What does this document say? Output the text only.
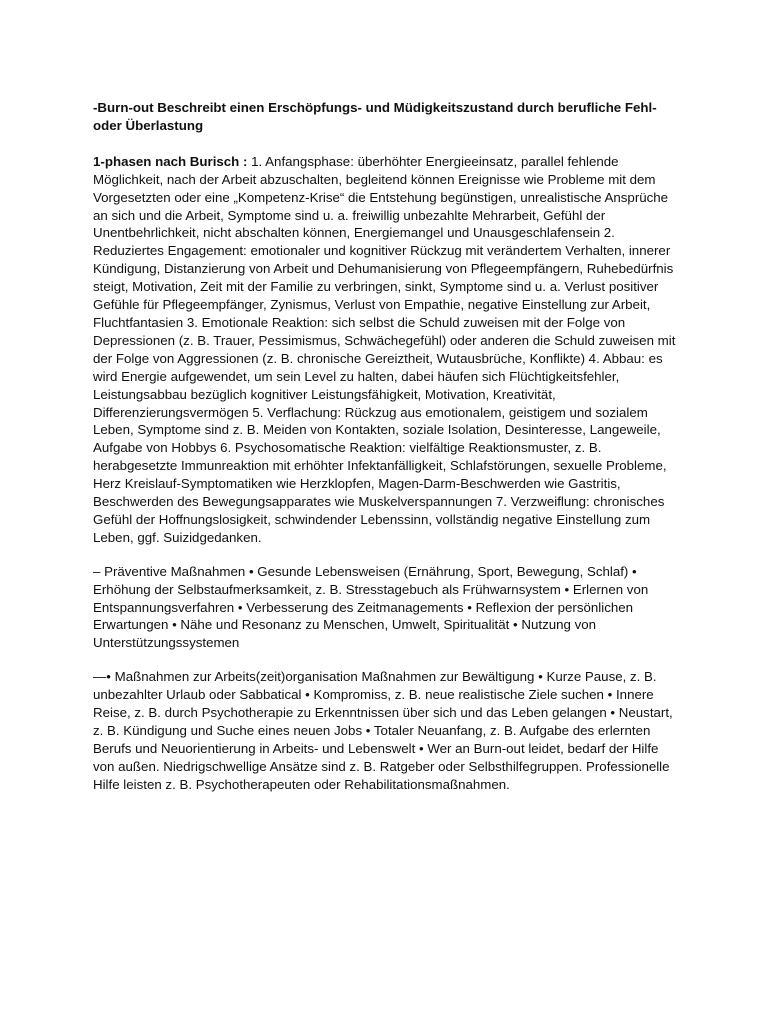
-Burn-out Beschreibt einen Erschöpfungs- und Müdigkeitszustand durch berufliche Fehl- oder Überlastung

1-phasen nach Burisch : 1. Anfangsphase: überhöhter Energieeinsatz, parallel fehlende Möglichkeit, nach der Arbeit abzuschalten, begleitend können Ereignisse wie Probleme mit dem Vorgesetzten oder eine „Kompetenz-Krise“ die Entstehung begünstigen, unrealistische Ansprüche an sich und die Arbeit, Symptome sind u. a. freiwillig unbezahlte Mehrarbeit, Gefühl der Unentbehrlichkeit, nicht abschalten können, Energiemangel und Unausgeschlafensein 2. Reduziertes Engagement: emotionaler und kognitiver Rückzug mit verändertem Verhalten, innerer Kündigung, Distanzierung von Arbeit und Dehumanisierung von Pflegeempfängern, Ruhebedürfnis steigt, Motivation, Zeit mit der Familie zu verbringen, sinkt, Symptome sind u. a. Verlust positiver Gefühle für Pflegeempfänger, Zynismus, Verlust von Empathie, negative Einstellung zur Arbeit, Fluchtfantasien 3. Emotionale Reaktion: sich selbst die Schuld zuweisen mit der Folge von Depressionen (z. B. Trauer, Pessimismus, Schwächegefühl) oder anderen die Schuld zuweisen mit der Folge von Aggressionen (z. B. chronische Gereiztheit, Wutausbrüche, Konflikte) 4. Abbau: es wird Energie aufgewendet, um sein Level zu halten, dabei häufen sich Flüchtigkeitsfehler, Leistungsabbau bezüglich kognitiver Leistungsfähigkeit, Motivation, Kreativität, Differenzierungsvermögen 5. Verflachung: Rückzug aus emotionalem, geistigem und sozialem Leben, Symptome sind z. B. Meiden von Kontakten, soziale Isolation, Desinteresse, Langeweile, Aufgabe von Hobbys 6. Psychosomatische Reaktion: vielfältige Reaktionsmuster, z. B. herabgesetzte Immunreaktion mit erhöhter Infektanfälligkeit, Schlafstörungen, sexuelle Probleme, Herz Kreislauf-Symptomatiken wie Herzklopfen, Magen-Darm-Beschwerden wie Gastritis, Beschwerden des Bewegungsapparates wie Muskelverspannungen 7. Verzweiflung: chronisches Gefühl der Hoffnungslosigkeit, schwindender Lebenssinn, vollständig negative Einstellung zum Leben, ggf. Suizidgedanken.

– Präventive Maßnahmen • Gesunde Lebensweisen (Ernährung, Sport, Bewegung, Schlaf) • Erhöhung der Selbstaufmerksamkeit, z. B. Stresstagebuch als Frühwarnsystem • Erlernen von Entspannungsverfahren • Verbesserung des Zeitmanagements • Reflexion der persönlichen Erwartungen • Nähe und Resonanz zu Menschen, Umwelt, Spiritualität • Nutzung von Unterstützungssystemen

—• Maßnahmen zur Arbeits(zeit)organisation Maßnahmen zur Bewältigung • Kurze Pause, z. B. unbezahlter Urlaub oder Sabbatical • Kompromiss, z. B. neue realistische Ziele suchen • Innere Reise, z. B. durch Psychotherapie zu Erkenntnissen über sich und das Leben gelangen • Neustart, z. B. Kündigung und Suche eines neuen Jobs • Totaler Neuanfang, z. B. Aufgabe des erlernten Berufs und Neuorientierung in Arbeits- und Lebenswelt • Wer an Burn-out leidet, bedarf der Hilfe von außen. Niedrigschwellige Ansätze sind z. B. Ratgeber oder Selbsthilfegruppen. Professionelle Hilfe leisten z. B. Psychotherapeuten oder Rehabilitationsmaßnahmen.
